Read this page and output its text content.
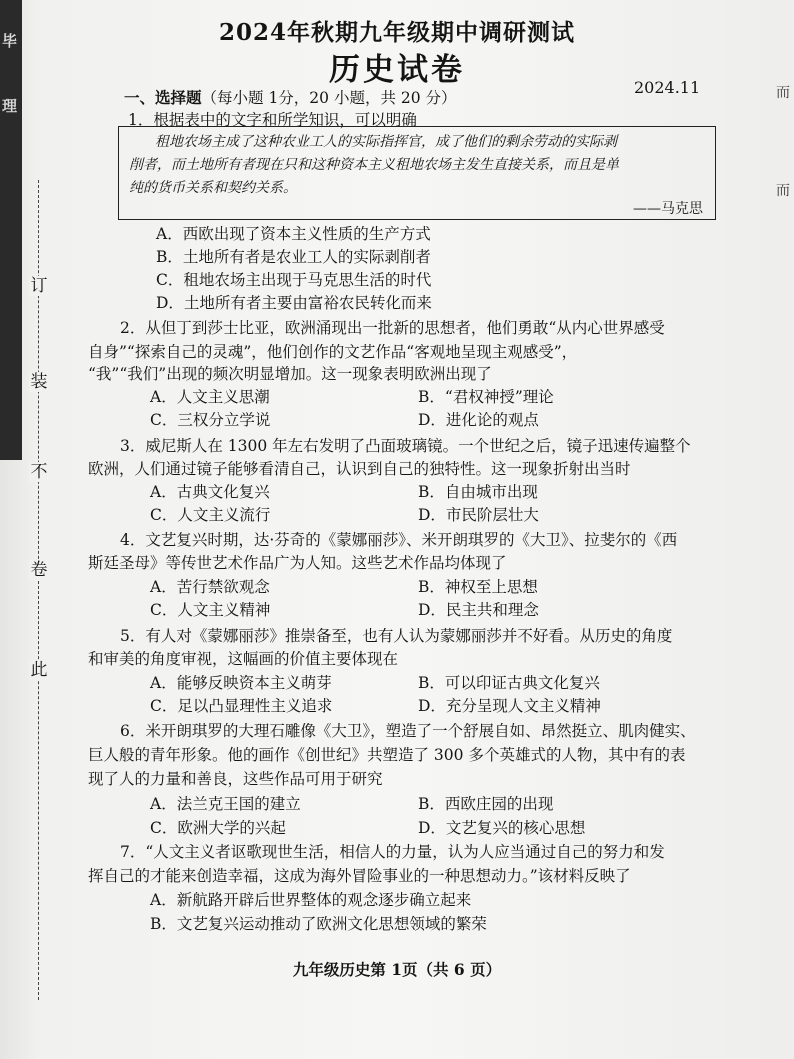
毕
理
此
卷
不
装
订
而
而
2024年秋期九年级期中调研测试
历史试卷	2024.11
一、选择题（每小题 1分，20 小题，共 20 分）
1．根据表中的文字和所学知识，可以明确
租地农场主成了这种农业工人的实际指挥官，成了他们的剩余劳动的实际剥
削者，而土地所有者现在只和这种资本主义租地农场主发生直接关系，而且是单
纯的货币关系和契约关系。
——马克思
A．西欧出现了资本主义性质的生产方式
B．土地所有者是农业工人的实际剥削者
C．租地农场主出现于马克思生活的时代
D．土地所有者主要由富裕农民转化而来
2．从但丁到莎士比亚，欧洲涌现出一批新的思想者，他们勇敢“从内心世界感受
自身”“探索自己的灵魂”，他们创作的文艺作品“客观地呈现主观感受”，
“我”“我们”出现的频次明显增加。这一现象表明欧洲出现了
A．人文主义思潮	B．“君权神授”理论
C．三权分立学说	D．进化论的观点
3．威尼斯人在 1300 年左右发明了凸面玻璃镜。一个世纪之后，镜子迅速传遍整个
欧洲，人们通过镜子能够看清自己，认识到自己的独特性。这一现象折射出当时
A．古典文化复兴	B．自由城市出现
C．人文主义流行	D．市民阶层壮大
4．文艺复兴时期，达·芬奇的《蒙娜丽莎》、米开朗琪罗的《大卫》、拉斐尔的《西
斯廷圣母》等传世艺术作品广为人知。这些艺术作品均体现了
A．苦行禁欲观念	B．神权至上思想
C．人文主义精神	D．民主共和理念
5．有人对《蒙娜丽莎》推崇备至，也有人认为蒙娜丽莎并不好看。从历史的角度
和审美的角度审视，这幅画的价值主要体现在
A．能够反映资本主义萌芽	B．可以印证古典文化复兴
C．足以凸显理性主义追求	D．充分呈现人文主义精神
6．米开朗琪罗的大理石雕像《大卫》，塑造了一个舒展自如、昂然挺立、肌肉健实、
巨人般的青年形象。他的画作《创世纪》共塑造了 300 多个英雄式的人物，其中有的表
现了人的力量和善良，这些作品可用于研究
A．法兰克王国的建立	B．西欧庄园的出现
C．欧洲大学的兴起	D．文艺复兴的核心思想
7．“人文主义者讴歌现世生活，相信人的力量，认为人应当通过自己的努力和发
挥自己的才能来创造幸福，这成为海外冒险事业的一种思想动力。”该材料反映了
A．新航路开辟后世界整体的观念逐步确立起来
B．文艺复兴运动推动了欧洲文化思想领域的繁荣
九年级历史第 1页（共 6 页）
